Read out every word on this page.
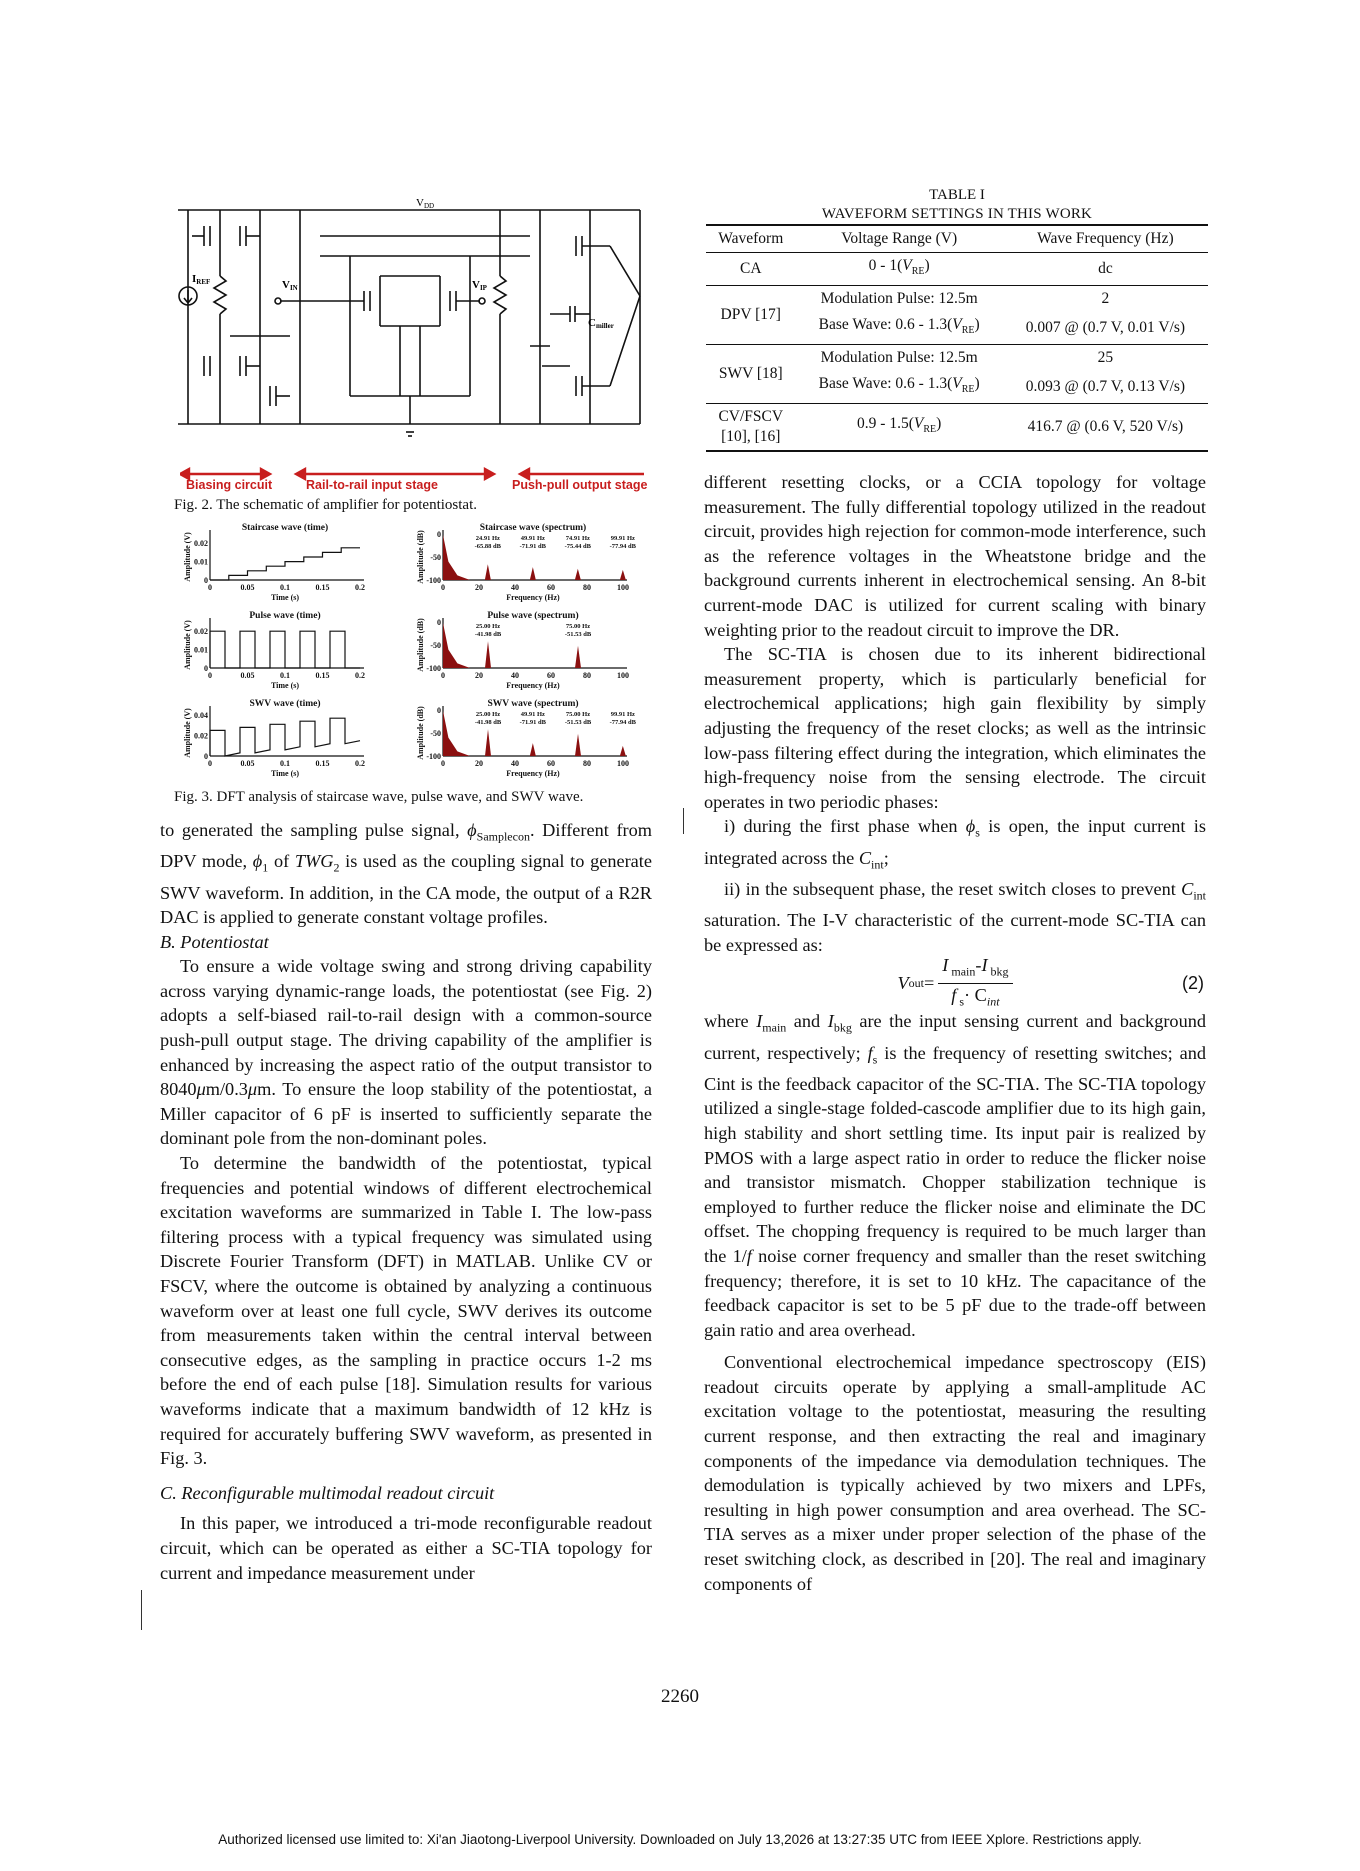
VDD
IREF	VIN	VIP
Cmiller
Biasing circuit	Rail-to-rail input stage	Push-pull output stage
Fig. 2. The schematic of amplifier for potentiostat.
Staircase wave (time)
Amplitude (V)
0	0.05	0.1	0.15	0.2
0
0.01
0.02
Time (s)
Staircase wave (spectrum)
Amplitude (dB)
0	20	40	60	80	100
0
-50
-100
Frequency (Hz)
24.91 Hz
-65.88 dB
49.91 Hz
-71.91 dB
74.91 Hz
-75.44 dB
99.91 Hz
-77.94 dB
Pulse wave (time)
Amplitude (V)
0	0.05	0.1	0.15	0.2
0
0.01
0.02
Time (s)
Pulse wave (spectrum)
Amplitude (dB)
0	20	40	60	80	100
0
-50
-100
Frequency (Hz)
25.00 Hz
-41.98 dB
75.00 Hz
-51.53 dB
SWV wave (time)
Amplitude (V)
0	0.05	0.1	0.15	0.2
0
0.02
0.04
Time (s)
SWV wave (spectrum)
Amplitude (dB)
0	20	40	60	80	100
0
-50
-100
Frequency (Hz)
25.00 Hz
-41.98 dB
49.91 Hz
-71.91 dB
75.00 Hz
-51.53 dB
99.91 Hz
-77.94 dB
Fig. 3. DFT analysis of staircase wave, pulse wave, and SWV wave.

to generated the sampling pulse signal, $\phi_{Samplecon}$. Different from DPV mode, $\phi_1$ of $TWG_2$ is used as the coupling signal to generate SWV waveform. In addition, in the CA mode, the output of a R2R DAC is applied to generate constant voltage profiles.

B. Potentiostat

To ensure a wide voltage swing and strong driving capability across varying dynamic-range loads, the potentiostat (see Fig. 2) adopts a self-biased rail-to-rail design with a common-source push-pull output stage. The driving capability of the amplifier is enhanced by increasing the aspect ratio of the output transistor to 8040μm/0.3μm. To ensure the loop stability of the potentiostat, a Miller capacitor of 6 pF is inserted to sufficiently separate the dominant pole from the non-dominant poles.

To determine the bandwidth of the potentiostat, typical frequencies and potential windows of different electrochemical excitation waveforms are summarized in Table I. The low-pass filtering process with a typical frequency was simulated using Discrete Fourier Transform (DFT) in MATLAB. Unlike CV or FSCV, where the outcome is obtained by analyzing a continuous waveform over at least one full cycle, SWV derives its outcome from measurements taken within the central interval between consecutive edges, as the sampling in practice occurs 1-2 ms before the end of each pulse [18]. Simulation results for various waveforms indicate that a maximum bandwidth of 12 kHz is required for accurately buffering SWV waveform, as presented in Fig. 3.

C. Reconfigurable multimodal readout circuit

In this paper, we introduced a tri-mode reconfigurable readout circuit, which can be operated as either a SC-TIA topology for current and impedance measurement under

TABLE I
WAVEFORM SETTINGS IN THIS WORK
Waveform	Voltage Range (V)	Wave Frequency (Hz)
CA	$0 - 1(V_{RE})$	dc
DPV [17]	Modulation Pulse: 12.5m	2
	Base Wave: $0.6 - 1.3(V_{RE})$	0.007 @ (0.7 V, 0.01 V/s)
SWV [18]	Modulation Pulse: 12.5m	25
	Base Wave: $0.6 - 1.3(V_{RE})$	0.093 @ (0.7 V, 0.13 V/s)
CV/FSCV
[10], [16]	$0.9 - 1.5(V_{RE})$	416.7 @ (0.6 V, 520 V/s)

different resetting clocks, or a CCIA topology for voltage measurement. The fully differential topology utilized in the readout circuit, provides high rejection for common-mode interference, such as the reference voltages in the Wheatstone bridge and the background currents inherent in electrochemical sensing. An 8-bit current-mode DAC is utilized for current scaling with binary weighting prior to the readout circuit to improve the DR.

The SC-TIA is chosen due to its inherent bidirectional measurement property, which is particularly beneficial for electrochemical applications; high gain flexibility by simply adjusting the frequency of the reset clocks; as well as the intrinsic low-pass filtering effect during the integration, which eliminates the high-frequency noise from the sensing electrode. The circuit operates in two periodic phases:

i) during the first phase when $\phi_s$ is open, the input current is integrated across the $C_{int}$;

ii) in the subsequent phase, the reset switch closes to prevent $C_{int}$ saturation. The I-V characteristic of the current-mode SC-TIA can be expressed as:

V out = $\frac{I _{main}-I _{bkg}}{f _s\cdot C_{int}}$	(2)

where $I_{main}$ and $I_{bkg}$ are the input sensing current and background current, respectively; $f_s$ is the frequency of resetting switches; and Cint is the feedback capacitor of the SC-TIA. The SC-TIA topology utilized a single-stage folded-cascode amplifier due to its high gain, high stability and short settling time. Its input pair is realized by PMOS with a large aspect ratio in order to reduce the flicker noise and transistor mismatch. Chopper stabilization technique is employed to further reduce the flicker noise and eliminate the DC offset. The chopping frequency is required to be much larger than the 1/f noise corner frequency and smaller than the reset switching frequency; therefore, it is set to 10 kHz. The capacitance of the feedback capacitor is set to be 5 pF due to the trade-off between gain ratio and area overhead.

Conventional electrochemical impedance spectroscopy (EIS) readout circuits operate by applying a small-amplitude AC excitation voltage to the potentiostat, measuring the resulting current response, and then extracting the real and imaginary components of the impedance via demodulation techniques. The demodulation is typically achieved by two mixers and LPFs, resulting in high power consumption and area overhead. The SC-TIA serves as a mixer under proper selection of the phase of the reset switching clock, as described in [20]. The real and imaginary components of

2260
Authorized licensed use limited to: Xi'an Jiaotong-Liverpool University. Downloaded on July 13,2026 at 13:27:35 UTC from IEEE Xplore. Restrictions apply.
